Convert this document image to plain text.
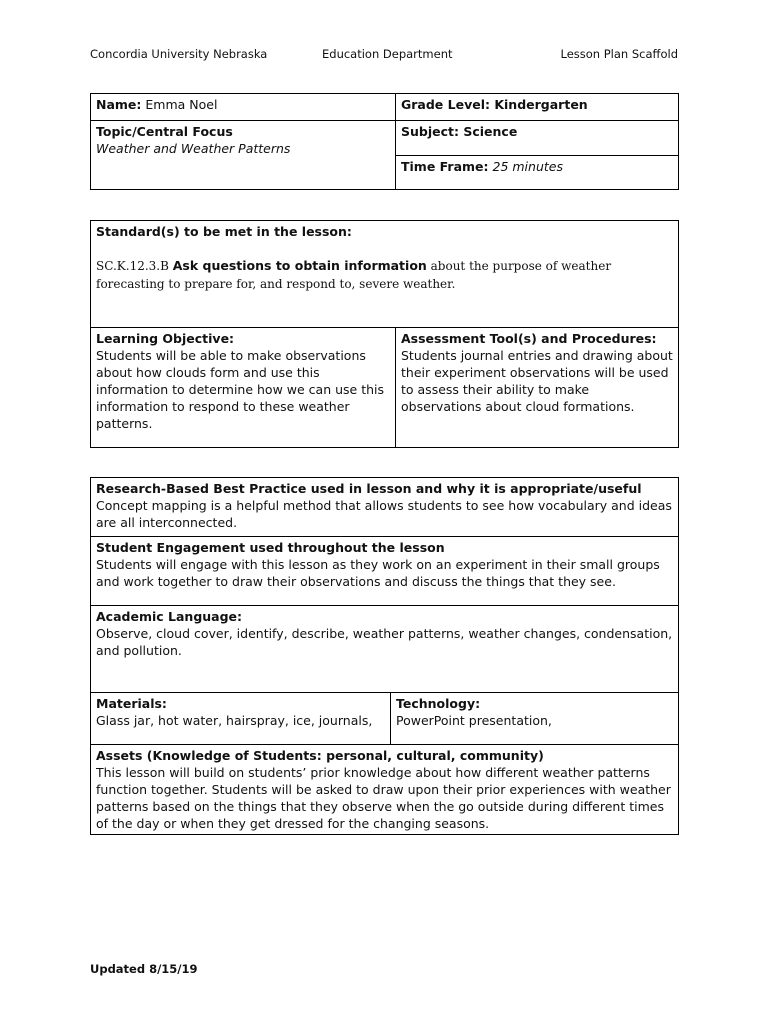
Concordia University Nebraska	Education Department	Lesson Plan Scaffold
Name: Emma Noel	Grade Level: Kindergarten

Topic/Central Focus
Weather and Weather Patterns	Subject: Science
	Time Frame: 25 minutes
Standard(s) to be met in the lesson:
SC.K.12.3.B Ask questions to obtain information about the purpose of weather forecasting to prepare for, and respond to, severe weather.

Learning Objective:
Students will be able to make observations about how clouds form and use this information to determine how we can use this information to respond to these weather patterns.

Assessment Tool(s) and Procedures:
Students journal entries and drawing about their experiment observations will be used to assess their ability to make observations about cloud formations.
Research-Based Best Practice used in lesson and why it is appropriate/useful
Concept mapping is a helpful method that allows students to see how vocabulary and ideas are all interconnected.

Student Engagement used throughout the lesson
Students will engage with this lesson as they work on an experiment in their small groups and work together to draw their observations and discuss the things that they see.

Academic Language:
Observe, cloud cover, identify, describe, weather patterns, weather changes, condensation, and pollution.

Materials:
Glass jar, hot water, hairspray, ice, journals,

Technology:
PowerPoint presentation,

Assets (Knowledge of Students: personal, cultural, community)
This lesson will build on students’ prior knowledge about how different weather patterns function together. Students will be asked to draw upon their prior experiences with weather patterns based on the things that they observe when the go outside during different times of the day or when they get dressed for the changing seasons.
Updated 8/15/19
